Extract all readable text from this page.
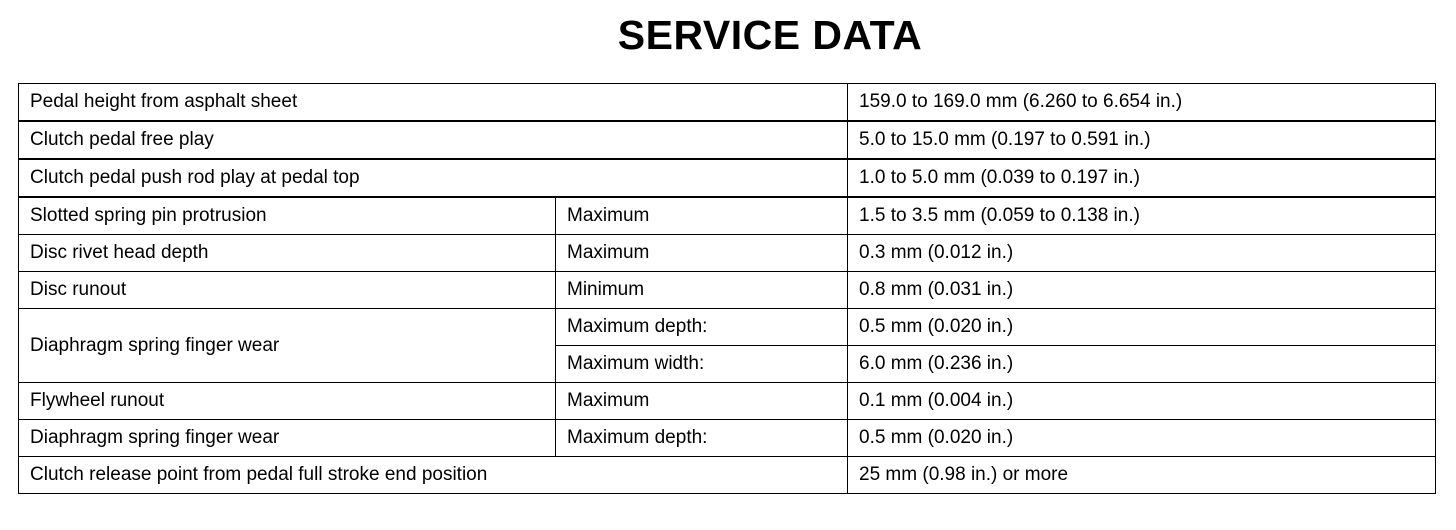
SERVICE DATA
Pedal height from asphalt sheet		159.0 to 169.0 mm (6.260 to 6.654 in.)
Clutch pedal free play		5.0 to 15.0 mm (0.197 to 0.591 in.)
Clutch pedal push rod play at pedal top		1.0 to 5.0 mm (0.039 to 0.197 in.)
Slotted spring pin protrusion	Maximum	1.5 to 3.5 mm (0.059 to 0.138 in.)
Disc rivet head depth	Maximum	0.3 mm (0.012 in.)
Disc runout	Minimum	0.8 mm (0.031 in.)
Diaphragm spring finger wear	Maximum depth:	0.5 mm (0.020 in.)
	Maximum width:	6.0 mm (0.236 in.)
Flywheel runout	Maximum	0.1 mm (0.004 in.)
Diaphragm spring finger wear	Maximum depth:	0.5 mm (0.020 in.)
Clutch release point from pedal full stroke end position		25 mm (0.98 in.) or more
